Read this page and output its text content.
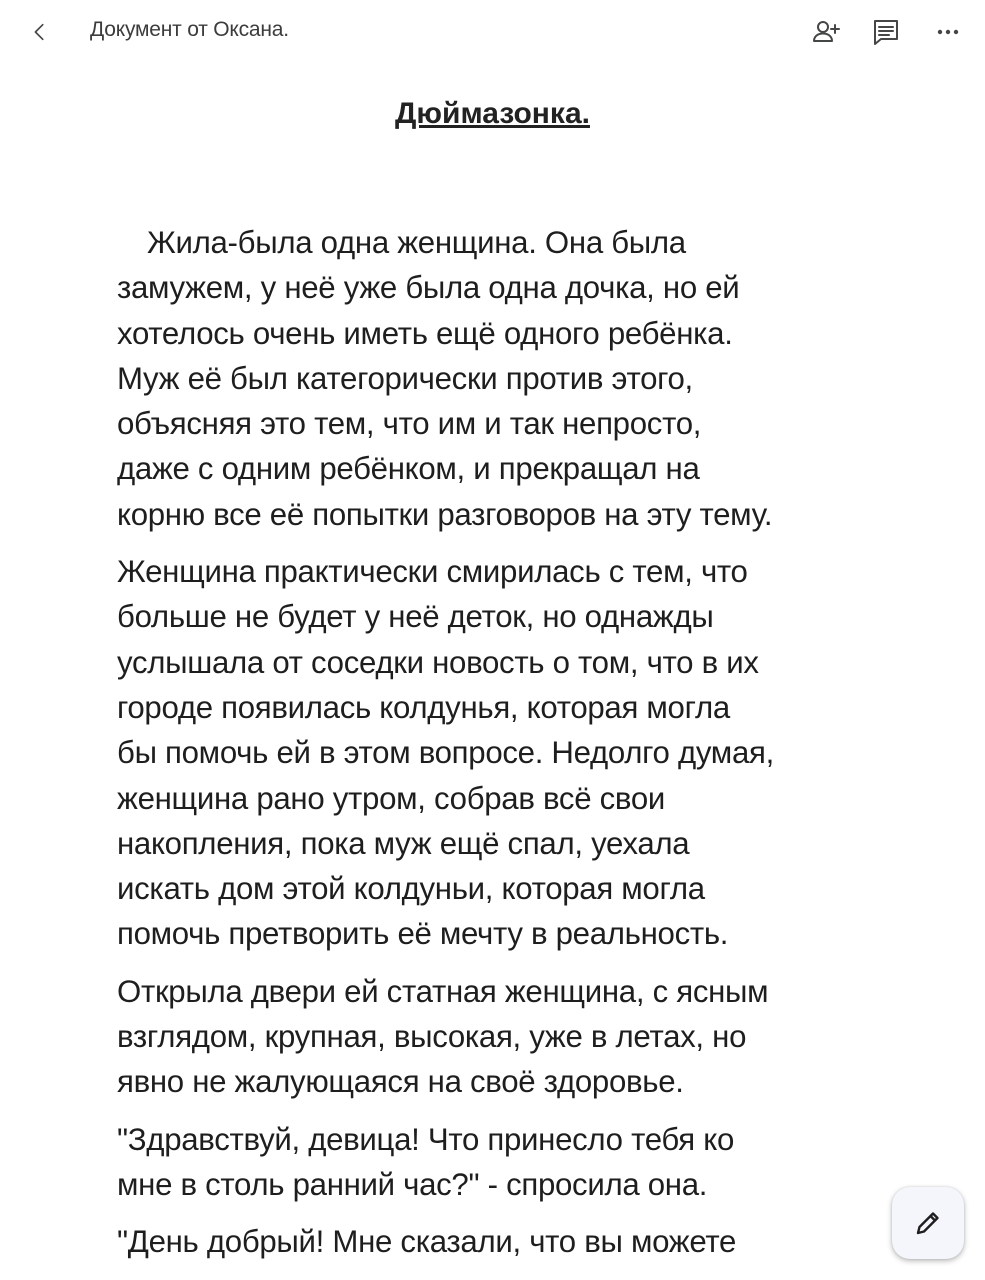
Документ от Оксана.
Дюймазонка.

Жила-была одна женщина. Она была
замужем, у неё уже была одна дочка, но ей
хотелось очень иметь ещё одного ребёнка.
Муж её был категорически против этого,
объясняя это тем, что им и так непросто,
даже с одним ребёнком, и прекращал на
корню все её попытки разговоров на эту тему.

Женщина практически смирилась с тем, что
больше не будет у неё деток, но однажды
услышала от соседки новость о том, что в их
городе появилась колдунья, которая могла
бы помочь ей в этом вопросе. Недолго думая,
женщина рано утром, собрав всё свои
накопления, пока муж ещё спал, уехала
искать дом этой колдуньи, которая могла
помочь претворить её мечту в реальность.

Открыла двери ей статная женщина, с ясным
взглядом, крупная, высокая, уже в летах, но
явно не жалующаяся на своё здоровье.

"Здравствуй, девица! Что принесло тебя ко
мне в столь ранний час?" - спросила она.

"День добрый! Мне сказали, что вы можете
